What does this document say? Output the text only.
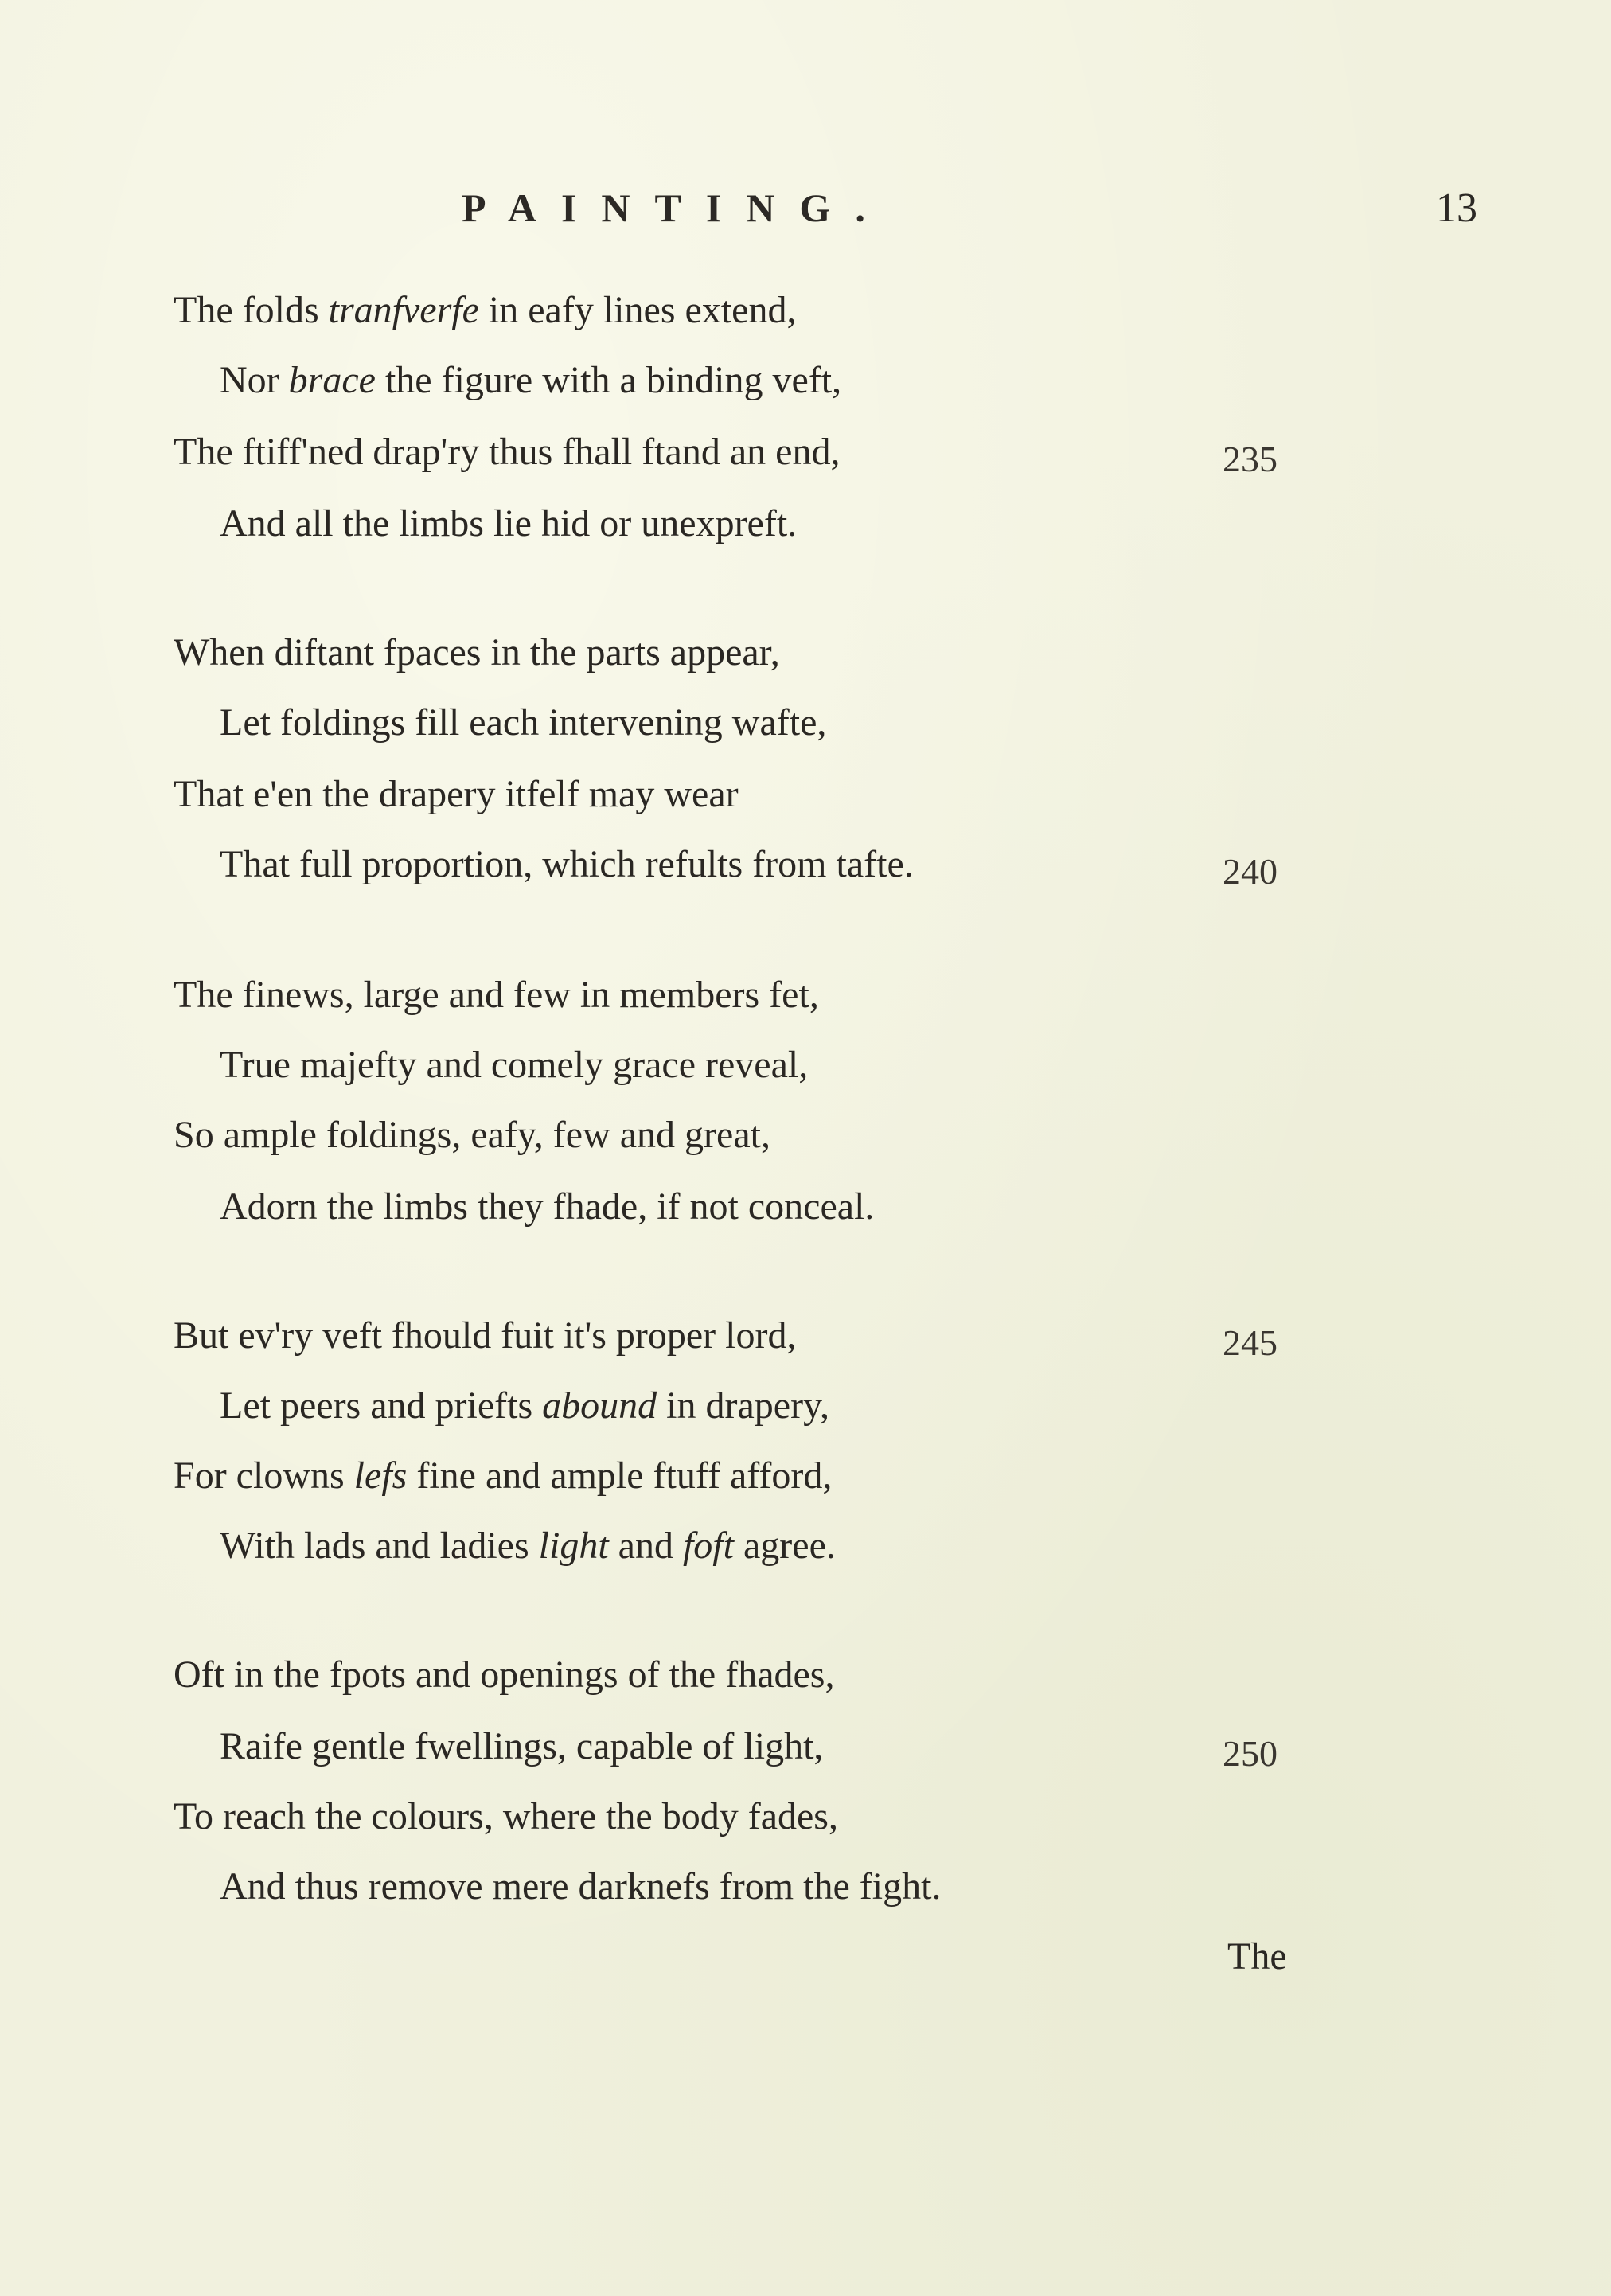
PAINTING.	13
The folds tranfverfe in eafy lines extend,
Nor brace the figure with a binding veft,
The ftiff'ned drap'ry thus fhall ftand an end,	235
And all the limbs lie hid or unexpreft.
When diftant fpaces in the parts appear,
Let foldings fill each intervening wafte,
That e'en the drapery itfelf may wear
That full proportion, which refults from tafte.	240
The finews, large and few in members fet,
True majefty and comely grace reveal,
So ample foldings, eafy, few and great,
Adorn the limbs they fhade, if not conceal.
But ev'ry veft fhould fuit it's proper lord,	245
Let peers and priefts abound in drapery,
For clowns lefs fine and ample ftuff afford,
With lads and ladies light and foft agree.
Oft in the fpots and openings of the fhades,
Raife gentle fwellings, capable of light,	250
To reach the colours, where the body fades,
And thus remove mere darknefs from the fight.
The
